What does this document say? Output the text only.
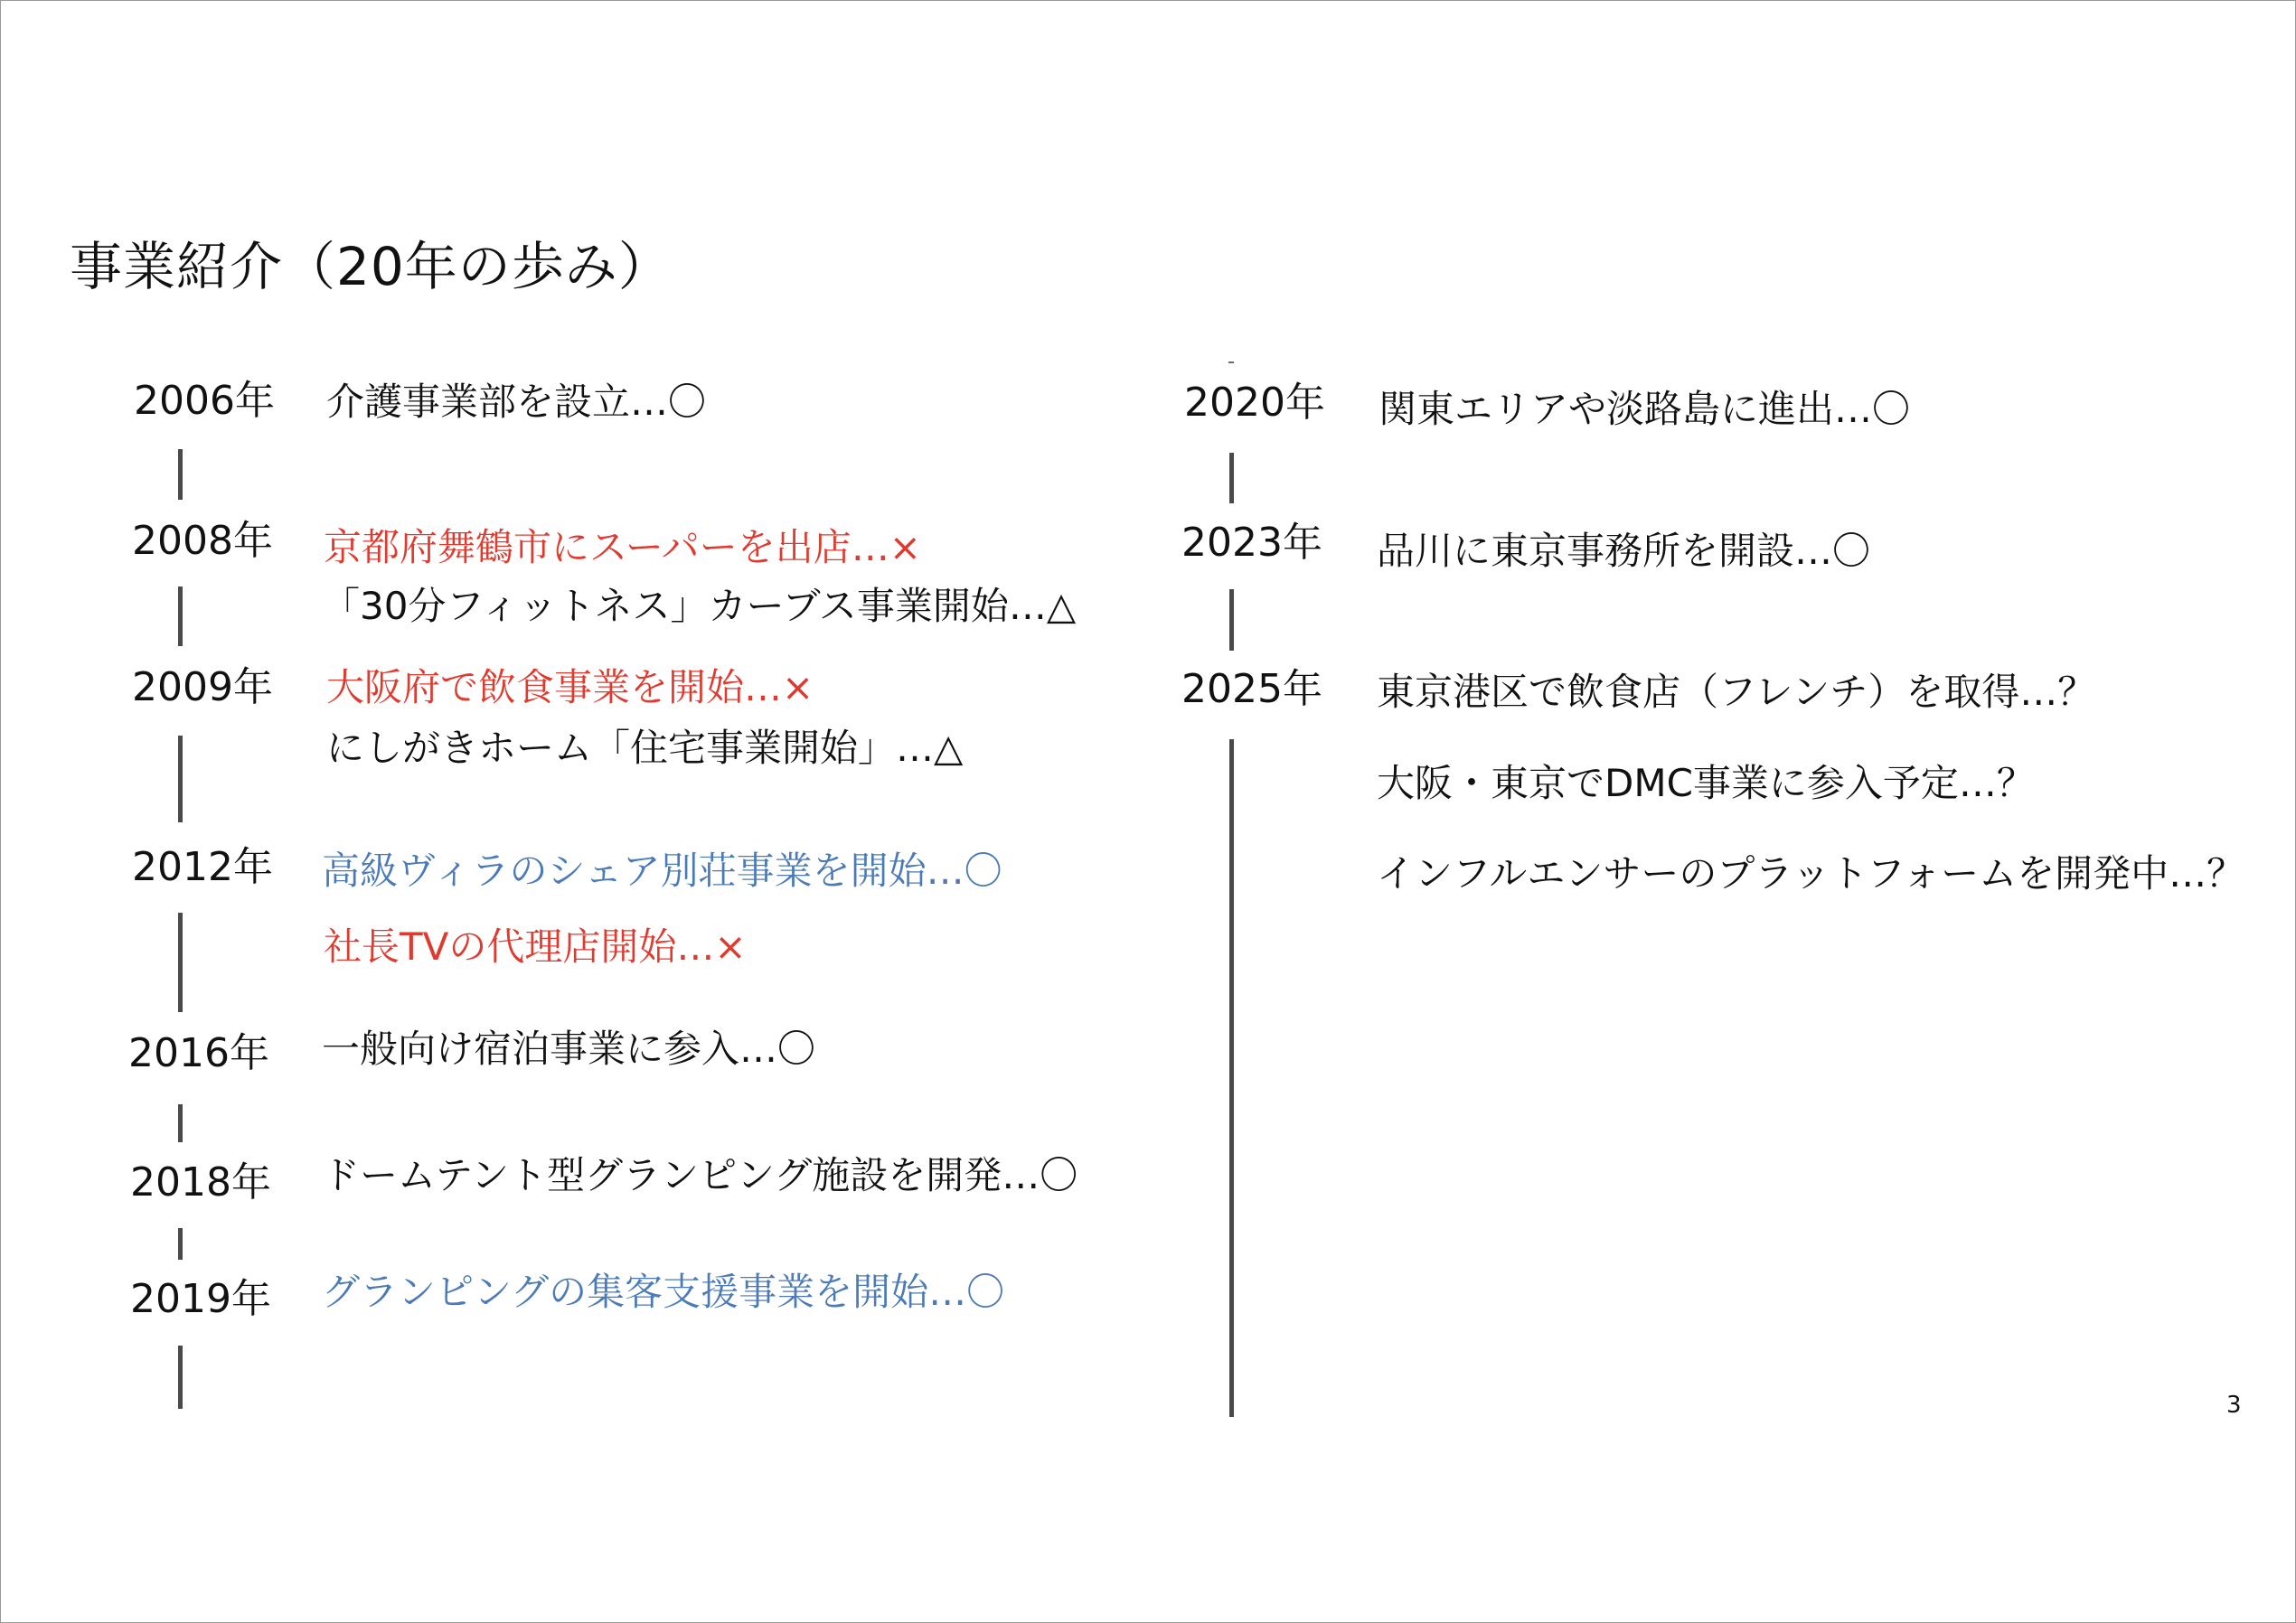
事業紹介（20年の歩み）
2006年 介護事業部を設立…〇
2008年 京都府舞鶴市にスーパーを出店…×
「30分フィットネス」カーブス事業開始…△
2009年 大阪府で飲食事業を開始…×
にしがきホーム「住宅事業開始」…△
2012年 高級ヴィラのシェア別荘事業を開始…〇
社長TVの代理店開始…×
2016年 一般向け宿泊事業に参入…〇
2018年 ドームテント型グランピング施設を開発…〇
2019年 グランピングの集客支援事業を開始…〇
2020年 関東エリアや淡路島に進出…〇
2023年 品川に東京事務所を開設…〇
2025年 東京港区で飲食店（フレンチ）を取得…？
大阪・東京でDMC事業に参入予定…？
インフルエンサーのプラットフォームを開発中…？
3
